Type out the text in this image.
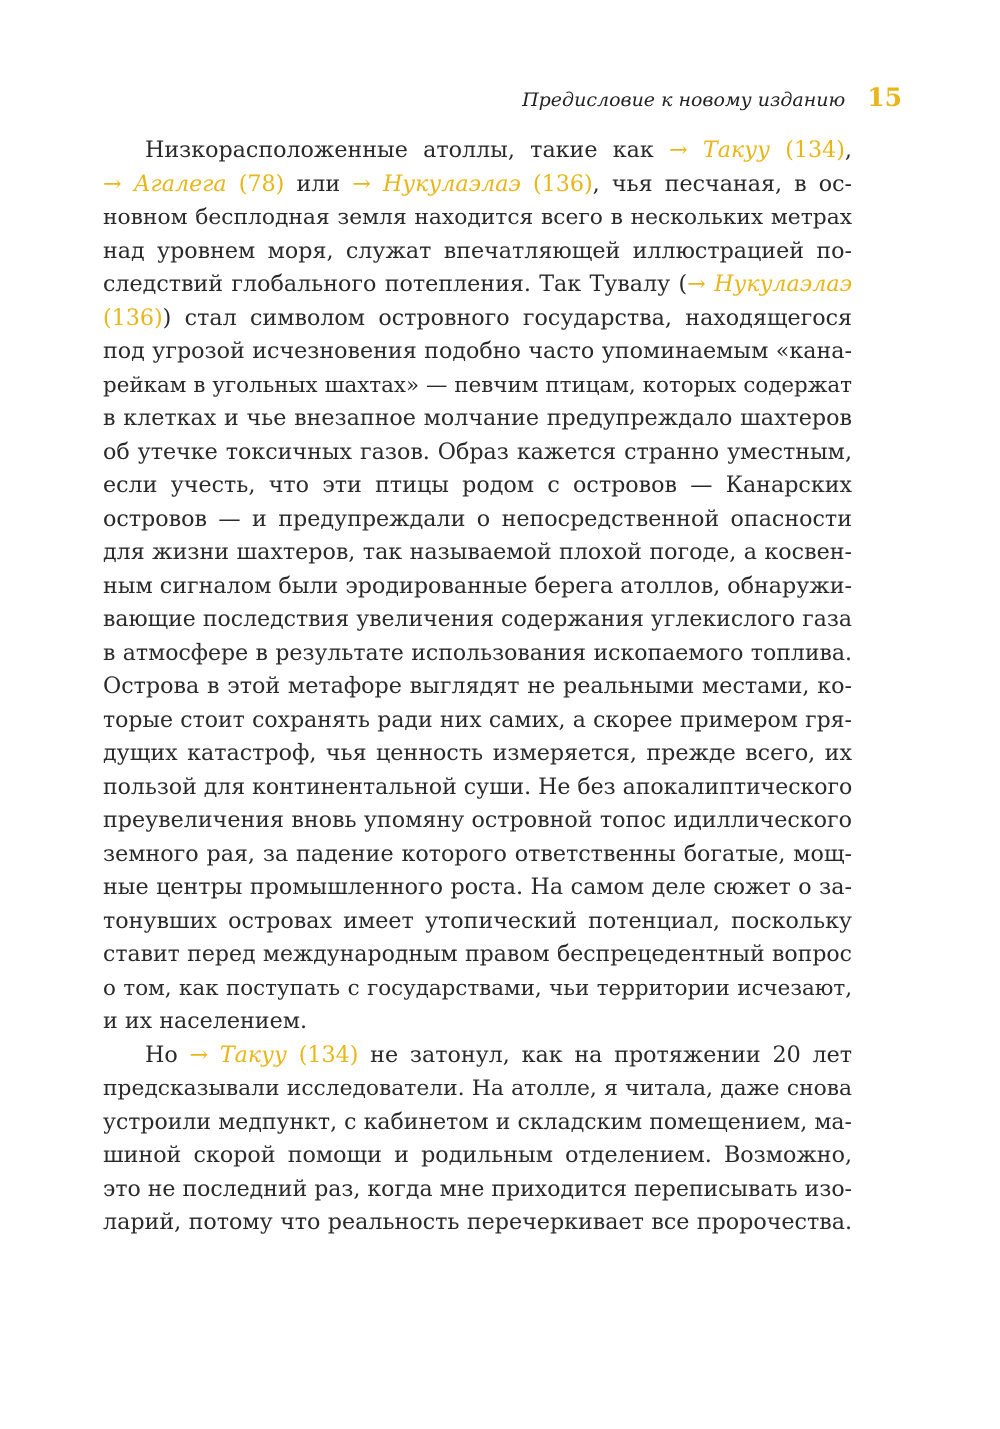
Предисловие к новому изданию 15
Низкорасположенные атоллы, такие как → Такуу (134),
→ Агалега (78) или → Нукулаэлаэ (136), чья песчаная, в ос-
новном бесплодная земля находится всего в нескольких метрах
над уровнем моря, служат впечатляющей иллюстрацией по-
следствий глобального потепления. Так Тувалу (→ Нукулаэлаэ
(136)) стал символом островного государства, находящегося
под угрозой исчезновения подобно часто упоминаемым «кана-
рейкам в угольных шахтах» — певчим птицам, которых содержат
в клетках и чье внезапное молчание предупреждало шахтеров
об утечке токсичных газов. Образ кажется странно уместным,
если учесть, что эти птицы родом с островов — Канарских
островов — и предупреждали о непосредственной опасности
для жизни шахтеров, так называемой плохой погоде, а косвен-
ным сигналом были эродированные берега атоллов, обнаружи-
вающие последствия увеличения содержания углекислого газа
в атмосфере в результате использования ископаемого топлива.
Острова в этой метафоре выглядят не реальными местами, ко-
торые стоит сохранять ради них самих, а скорее примером гря-
дущих катастроф, чья ценность измеряется, прежде всего, их
пользой для континентальной суши. Не без апокалиптического
преувеличения вновь упомяну островной топос идиллического
земного рая, за падение которого ответственны богатые, мощ-
ные центры промышленного роста. На самом деле сюжет о за-
тонувших островах имеет утопический потенциал, поскольку
ставит перед международным правом беспрецедентный вопрос
о том, как поступать с государствами, чьи территории исчезают,
и их населением.
Но → Такуу (134) не затонул, как на протяжении 20 лет
предсказывали исследователи. На атолле, я читала, даже снова
устроили медпункт, с кабинетом и складским помещением, ма-
шиной скорой помощи и родильным отделением. Возможно,
это не последний раз, когда мне приходится переписывать изо-
ларий, потому что реальность перечеркивает все пророчества.
